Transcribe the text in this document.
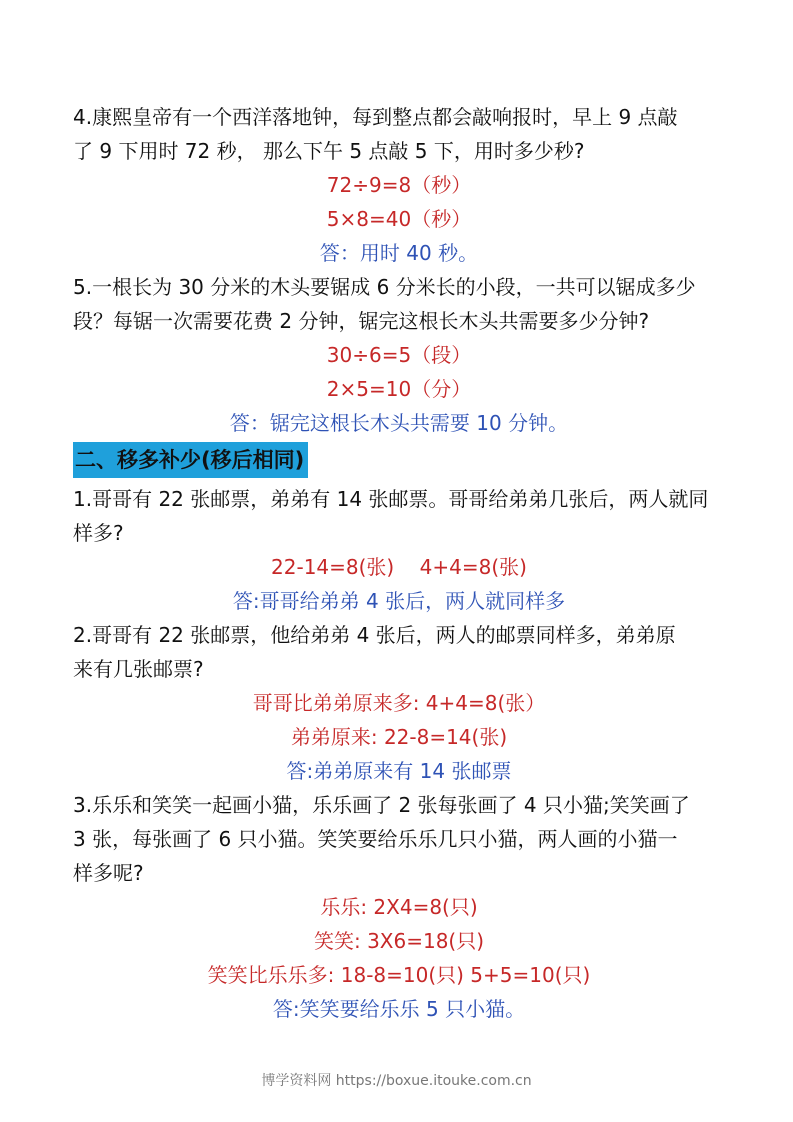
4.康熙皇帝有一个西洋落地钟，每到整点都会敲响报时，早上 9 点敲

了 9 下用时 72 秒， 那么下午 5 点敲 5 下，用时多少秒?

72÷9=8（秒）

5×8=40（秒）

答：用时 40 秒。

5.一根长为 30 分米的木头要锯成 6 分米长的小段，一共可以锯成多少

段？每锯一次需要花费 2 分钟，锯完这根长木头共需要多少分钟?

30÷6=5（段）

2×5=10（分）

答：锯完这根长木头共需要 10 分钟。

二、移多补少(移后相同)

1.哥哥有 22 张邮票，弟弟有 14 张邮票。哥哥给弟弟几张后，两人就同

样多?

22-14=8(张)    4+4=8(张)

答:哥哥给弟弟 4 张后，两人就同样多

2.哥哥有 22 张邮票，他给弟弟 4 张后，两人的邮票同样多，弟弟原

来有几张邮票?

哥哥比弟弟原来多: 4+4=8(张）

弟弟原来: 22-8=14(张)

答:弟弟原来有 14 张邮票

3.乐乐和笑笑一起画小猫，乐乐画了 2 张每张画了 4 只小猫;笑笑画了

3 张，每张画了 6 只小猫。笑笑要给乐乐几只小猫，两人画的小猫一

样多呢?

乐乐: 2X4=8(只)

笑笑: 3X6=18(只)

笑笑比乐乐多: 18-8=10(只) 5+5=10(只)

答:笑笑要给乐乐 5 只小猫。

博学资料网 https://boxue.itouke.com.cn
